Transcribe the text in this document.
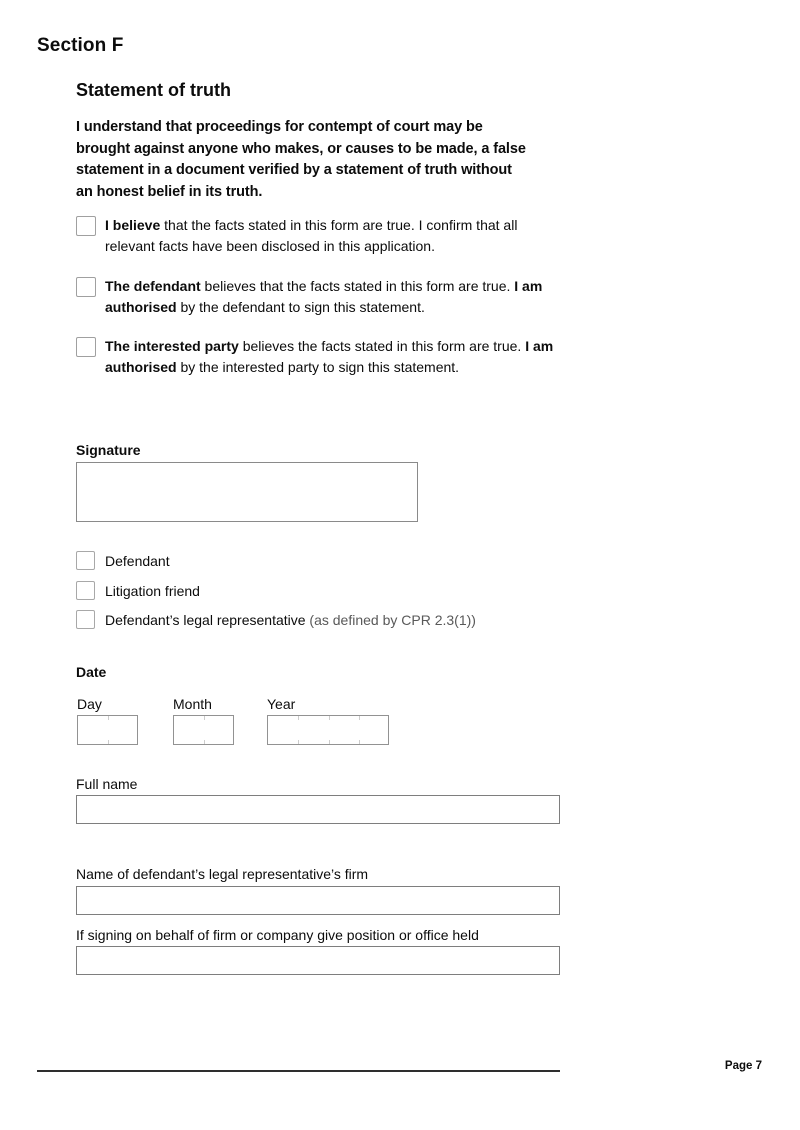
Section F
Statement of truth
I understand that proceedings for contempt of court may be
brought against anyone who makes, or causes to be made, a false
statement in a document verified by a statement of truth without
an honest belief in its truth.
I believe that the facts stated in this form are true. I confirm that all relevant facts have been disclosed in this application.
The defendant believes that the facts stated in this form are true. I am authorised by the defendant to sign this statement.
The interested party believes the facts stated in this form are true. I am authorised by the interested party to sign this statement.
Signature
Defendant
Litigation friend
Defendant’s legal representative (as defined by CPR 2.3(1))
Date
Day	Month	Year
Full name
Name of defendant’s legal representative’s firm
If signing on behalf of firm or company give position or office held
Page 7
